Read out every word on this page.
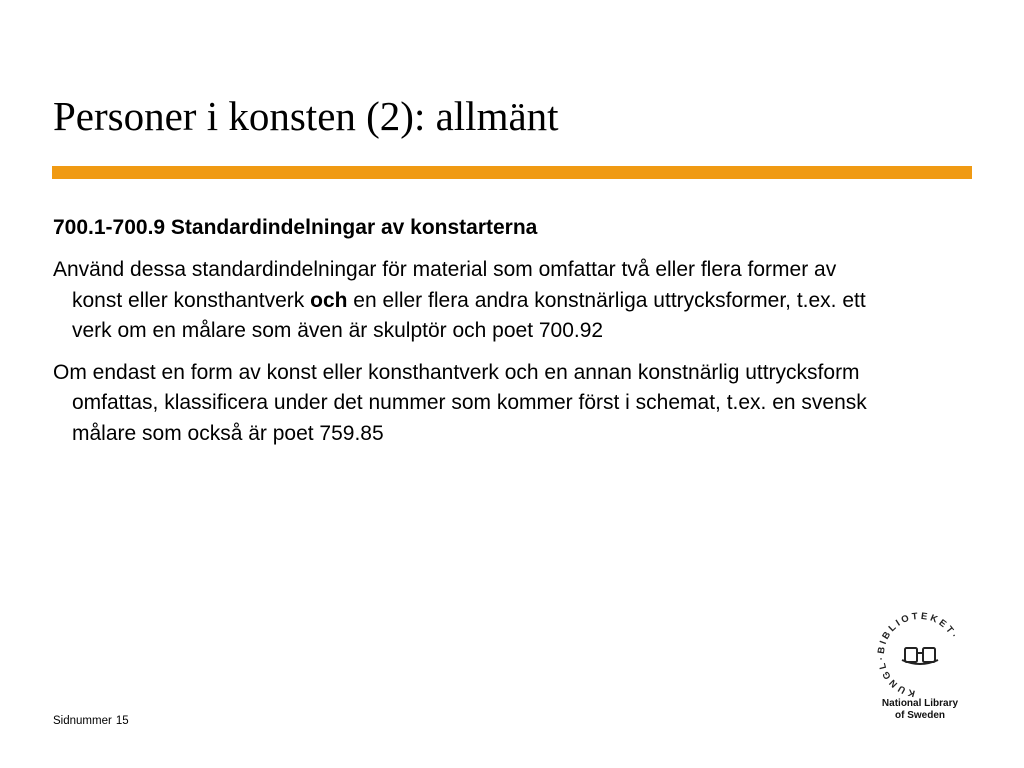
Personer i konsten (2): allmänt

700.1-700.9 Standardindelningar av konstarterna

Använd dessa standardindelningar för material som omfattar två eller flera former av konst eller konsthantverk och en eller flera andra konstnärliga uttrycksformer, t.ex. ett verk om en målare som även är skulptör och poet 700.92

Om endast en form av konst eller konsthantverk och en annan konstnärlig uttrycksform omfattas, klassificera under det nummer som kommer först i schemat, t.ex. en svensk målare som också är poet 759.85

Sidnummer 15
KUNGL·BIBLIOTEKET·
National Library
of Sweden
